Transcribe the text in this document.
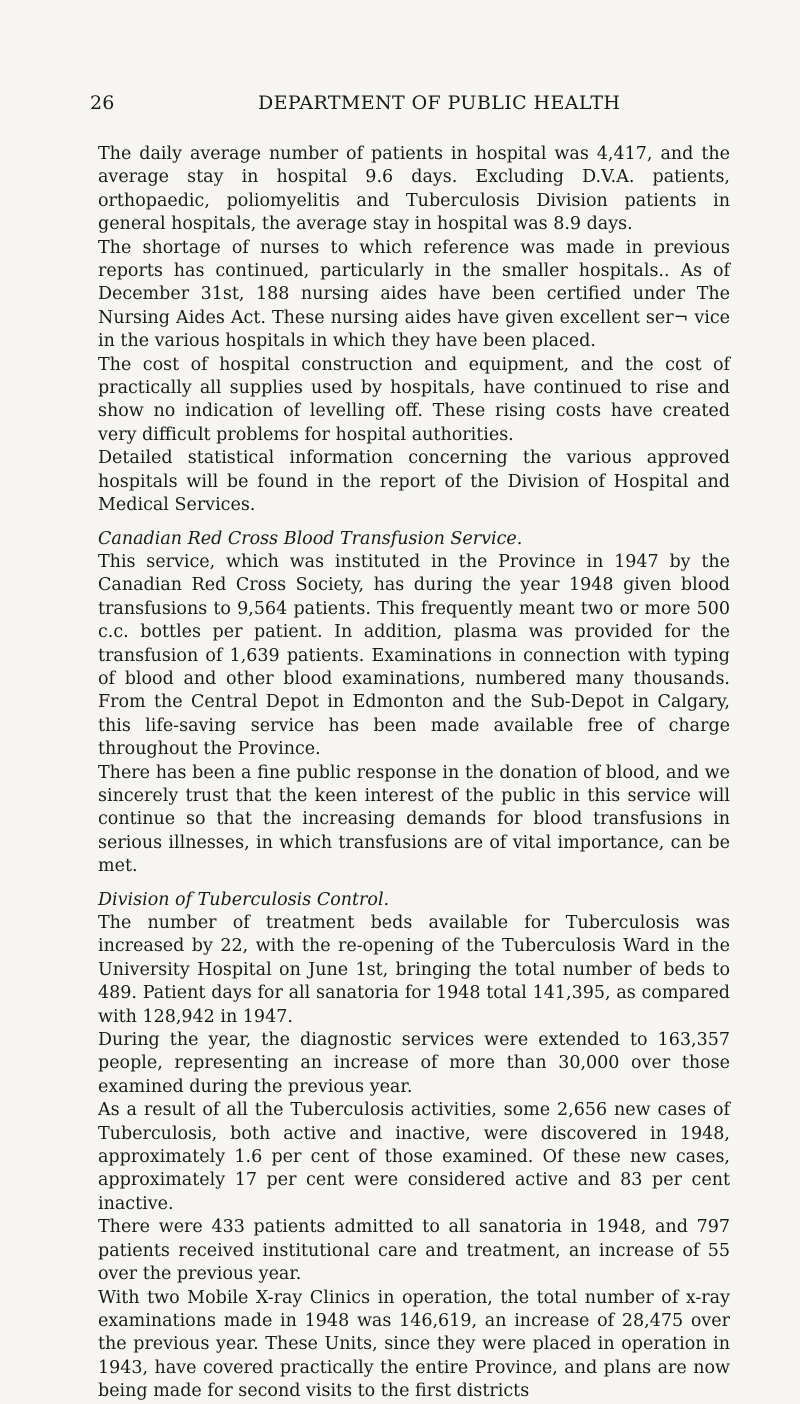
26	DEPARTMENT OF PUBLIC HEALTH

The daily average number of patients in hospital was 4,417, and the average stay in hospital 9.6 days. Excluding D.V.A. patients, orthopaedic, poliomyelitis and Tuberculosis Division patients in general hospitals, the average stay in hospital was 8.9 days.

The shortage of nurses to which reference was made in previous reports has continued, particularly in the smaller hospitals.. As of December 31st, 188 nursing aides have been certified under The Nursing Aides Act. These nursing aides have given excellent ser¬ vice in the various hospitals in which they have been placed.

The cost of hospital construction and equipment, and the cost of practically all supplies used by hospitals, have continued to rise and show no indication of levelling off. These rising costs have created very difficult problems for hospital authorities.

Detailed statistical information concerning the various approved hospitals will be found in the report of the Division of Hospital and Medical Services.

Canadian Red Cross Blood Transfusion Service.

This service, which was instituted in the Province in 1947 by the Canadian Red Cross Society, has during the year 1948 given blood transfusions to 9,564 patients. This frequently meant two or more 500 c.c. bottles per patient. In addition, plasma was provided for the transfusion of 1,639 patients. Examinations in connection with typing of blood and other blood examinations, numbered many thousands. From the Central Depot in Edmonton and the Sub-Depot in Calgary, this life-saving service has been made available free of charge throughout the Province.

There has been a fine public response in the donation of blood, and we sincerely trust that the keen interest of the public in this service will continue so that the increasing demands for blood transfusions in serious illnesses, in which transfusions are of vital importance, can be met.

Division of Tuberculosis Control.

The number of treatment beds available for Tuberculosis was increased by 22, with the re-opening of the Tuberculosis Ward in the University Hospital on June 1st, bringing the total number of beds to 489. Patient days for all sanatoria for 1948 total 141,395, as compared with 128,942 in 1947.

During the year, the diagnostic services were extended to 163,357 people, representing an increase of more than 30,000 over those examined during the previous year.

As a result of all the Tuberculosis activities, some 2,656 new cases of Tuberculosis, both active and inactive, were discovered in 1948, approximately 1.6 per cent of those examined. Of these new cases, approximately 17 per cent were considered active and 83 per cent inactive.

There were 433 patients admitted to all sanatoria in 1948, and 797 patients received institutional care and treatment, an increase of 55 over the previous year.

With two Mobile X-ray Clinics in operation, the total number of x-ray examinations made in 1948 was 146,619, an increase of 28,475 over the previous year. These Units, since they were placed in operation in 1943, have covered practically the entire Province, and plans are now being made for second visits to the first districts
